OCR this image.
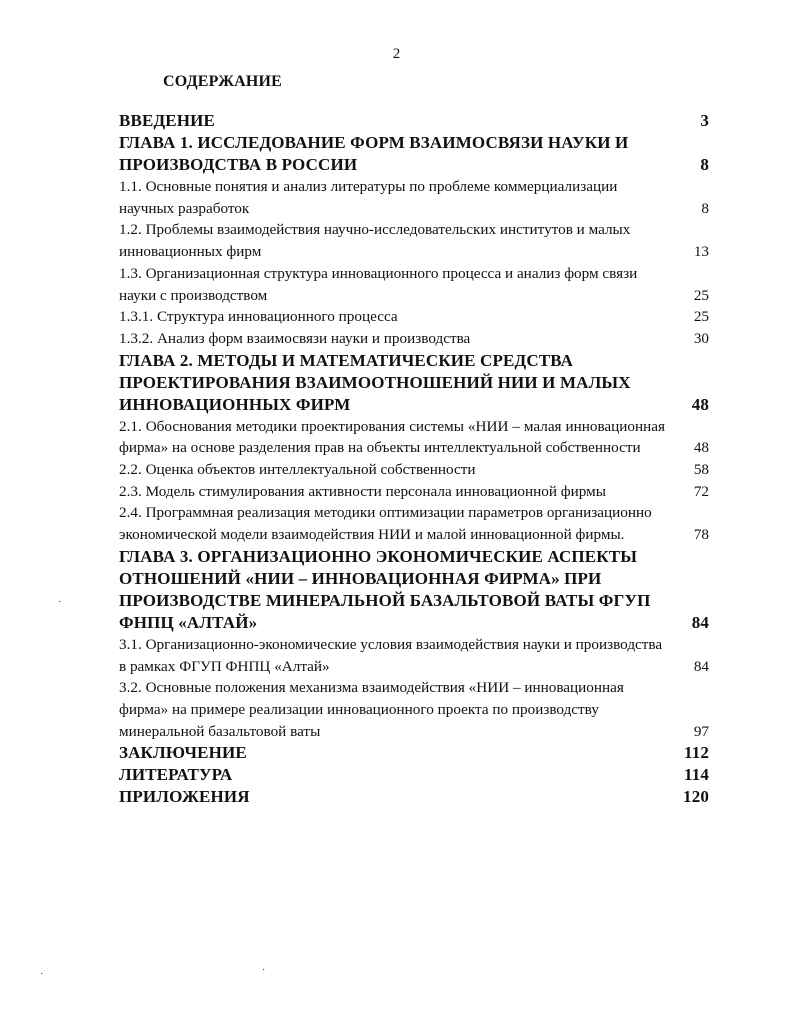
2
СОДЕРЖАНИЕ
ВВЕДЕНИЕ	3
ГЛАВА 1. ИССЛЕДОВАНИЕ ФОРМ ВЗАИМОСВЯЗИ НАУКИ И ПРОИЗВОДСТВА В РОССИИ	8
1.1. Основные понятия и анализ литературы по проблеме коммерциализации научных разработок	8
1.2. Проблемы взаимодействия научно-исследовательских институтов и малых инновационных фирм	13
1.3. Организационная структура инновационного процесса и анализ форм связи науки с производством	25
1.3.1. Структура инновационного процесса	25
1.3.2. Анализ форм взаимосвязи науки и производства	30
ГЛАВА 2. МЕТОДЫ И МАТЕМАТИЧЕСКИЕ СРЕДСТВА ПРОЕКТИРОВАНИЯ ВЗАИМООТНОШЕНИЙ НИИ И МАЛЫХ ИННОВАЦИОННЫХ ФИРМ	48
2.1. Обоснования методики проектирования системы «НИИ – малая инновационная фирма» на основе разделения прав на объекты интеллектуальной собственности	48
2.2. Оценка объектов интеллектуальной собственности	58
2.3. Модель стимулирования активности персонала инновационной фирмы	72
2.4. Программная реализация методики оптимизации параметров организационно экономической модели взаимодействия НИИ и малой инновационной фирмы.	78
ГЛАВА 3. ОРГАНИЗАЦИОННО ЭКОНОМИЧЕСКИЕ АСПЕКТЫ ОТНОШЕНИЙ «НИИ – ИННОВАЦИОННАЯ ФИРМА» ПРИ ПРОИЗВОДСТВЕ МИНЕРАЛЬНОЙ БАЗАЛЬТОВОЙ ВАТЫ ФГУП ФНПЦ «АЛТАЙ»	84
3.1. Организационно-экономические условия взаимодействия науки и производства в рамках ФГУП ФНПЦ «Алтай»	84
3.2. Основные положения механизма взаимодействия «НИИ – инновационная фирма» на примере реализации инновационного проекта по производству минеральной базальтовой ваты	97
ЗАКЛЮЧЕНИЕ	112
ЛИТЕРАТУРА	114
ПРИЛОЖЕНИЯ	120
·
·
·
